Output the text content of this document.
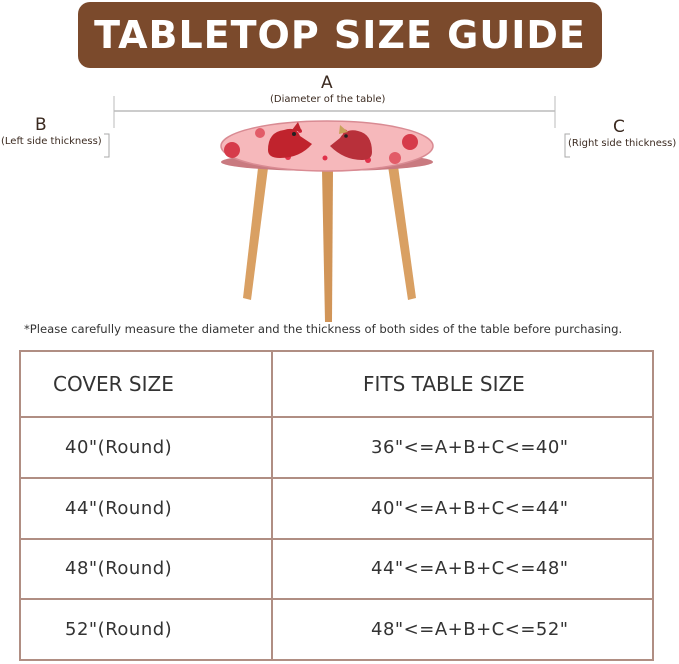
TABLETOP SIZE GUIDE
A
(Diameter of the table)
B
(Left side thickness)
C
(Right side thickness)
*Please carefully measure the diameter and the thickness of both sides of the table before purchasing.
COVER SIZE	FITS TABLE SIZE
40"(Round)	36"<=A+B+C<=40"
44"(Round)	40"<=A+B+C<=44"
48"(Round)	44"<=A+B+C<=48"
52"(Round)	48"<=A+B+C<=52"
